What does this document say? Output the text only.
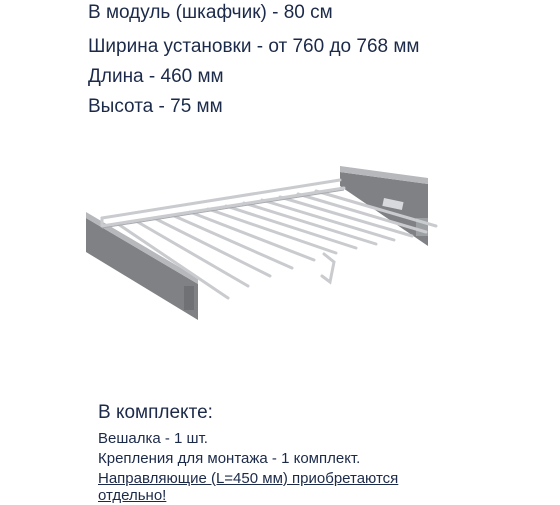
В модуль (шкафчик) - 80 см
Ширина установки - от 760 до 768 мм
Длина - 460 мм
Высота - 75 мм
В комплекте:
Вешалка - 1 шт.
Крепления для монтажа - 1 комплект.
Направляющие (L=450 мм) приобретаются
отдельно!
